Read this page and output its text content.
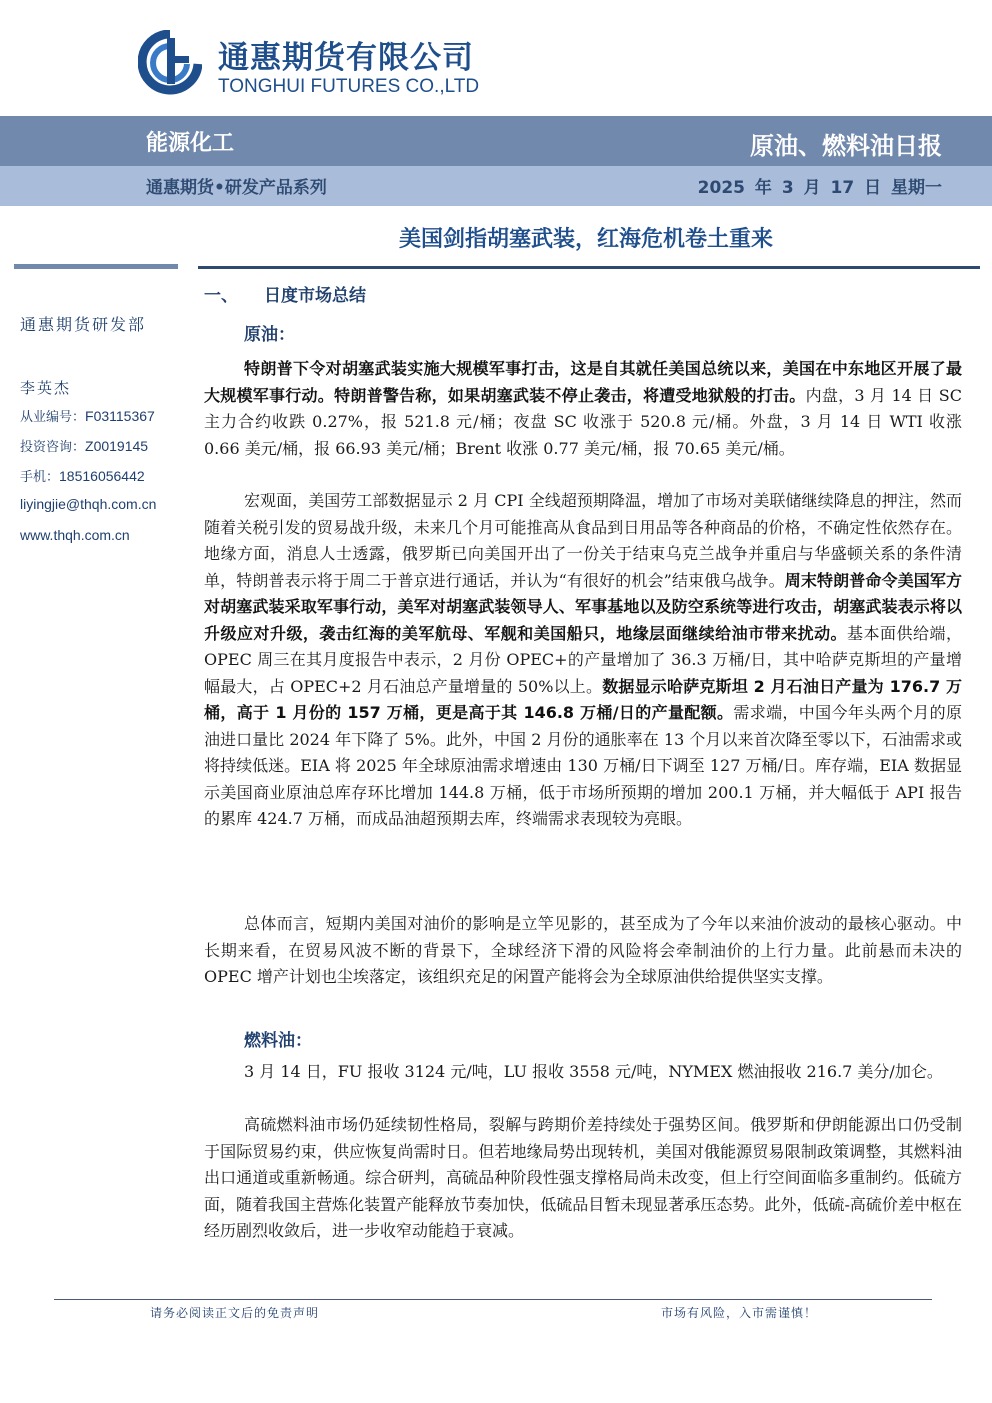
通惠期货有限公司
TONGHUI FUTURES CO.,LTD
能源化工	原油、燃料油日报
通惠期货•研发产品系列	2025 年 3 月 17 日 星期一
美国剑指胡塞武装，红海危机卷土重来
通惠期货研发部
李英杰
从业编号：F03115367
投资咨询：Z0019145
手机：18516056442
liyingjie@thqh.com.cn
www.thqh.com.cn
一、 日度市场总结
原油：

特朗普下令对胡塞武装实施大规模军事打击，这是自其就任美国总统以来，美国在中东地区开展了最大规模军事行动。特朗普警告称，如果胡塞武装不停止袭击，将遭受地狱般的打击。内盘，3 月 14 日 SC 主力合约收跌 0.27%，报 521.8 元/桶；夜盘 SC 收涨于 520.8 元/桶。外盘，3 月 14 日 WTI 收涨 0.66 美元/桶，报 66.93 美元/桶；Brent 收涨 0.77 美元/桶，报 70.65 美元/桶。

宏观面，美国劳工部数据显示 2 月 CPI 全线超预期降温，增加了市场对美联储继续降息的押注，然而随着关税引发的贸易战升级，未来几个月可能推高从食品到日用品等各种商品的价格，不确定性依然存在。地缘方面，消息人士透露，俄罗斯已向美国开出了一份关于结束乌克兰战争并重启与华盛顿关系的条件清单，特朗普表示将于周二于普京进行通话，并认为“有很好的机会”结束俄乌战争。周末特朗普命令美国军方对胡塞武装采取军事行动，美军对胡塞武装领导人、军事基地以及防空系统等进行攻击，胡塞武装表示将以升级应对升级，袭击红海的美军航母、军舰和美国船只，地缘层面继续给油市带来扰动。基本面供给端，OPEC 周三在其月度报告中表示，2 月份 OPEC+的产量增加了 36.3 万桶/日，其中哈萨克斯坦的产量增幅最大，占 OPEC+2 月石油总产量增量的 50%以上。数据显示哈萨克斯坦 2 月石油日产量为 176.7 万桶，高于 1 月份的 157 万桶，更是高于其 146.8 万桶/日的产量配额。需求端，中国今年头两个月的原油进口量比 2024 年下降了 5%。此外，中国 2 月份的通胀率在 13 个月以来首次降至零以下，石油需求或将持续低迷。EIA 将 2025 年全球原油需求增速由 130 万桶/日下调至 127 万桶/日。库存端，EIA 数据显示美国商业原油总库存环比增加 144.8 万桶，低于市场所预期的增加 200.1 万桶，并大幅低于 API 报告的累库 424.7 万桶，而成品油超预期去库，终端需求表现较为亮眼。

总体而言，短期内美国对油价的影响是立竿见影的，甚至成为了今年以来油价波动的最核心驱动。中长期来看，在贸易风波不断的背景下，全球经济下滑的风险将会牵制油价的上行力量。此前悬而未决的 OPEC 增产计划也尘埃落定，该组织充足的闲置产能将会为全球原油供给提供坚实支撑。

燃料油：

3 月 14 日，FU 报收 3124 元/吨，LU 报收 3558 元/吨，NYMEX 燃油报收 216.7 美分/加仑。

高硫燃料油市场仍延续韧性格局，裂解与跨期价差持续处于强势区间。俄罗斯和伊朗能源出口仍受制于国际贸易约束，供应恢复尚需时日。但若地缘局势出现转机，美国对俄能源贸易限制政策调整，其燃料油出口通道或重新畅通。综合研判，高硫品种阶段性强支撑格局尚未改变，但上行空间面临多重制约。低硫方面，随着我国主营炼化装置产能释放节奏加快，低硫品目暂未现显著承压态势。此外，低硫-高硫价差中枢在经历剧烈收敛后，进一步收窄动能趋于衰减。

请务必阅读正文后的免责声明	市场有风险，入市需谨慎！
